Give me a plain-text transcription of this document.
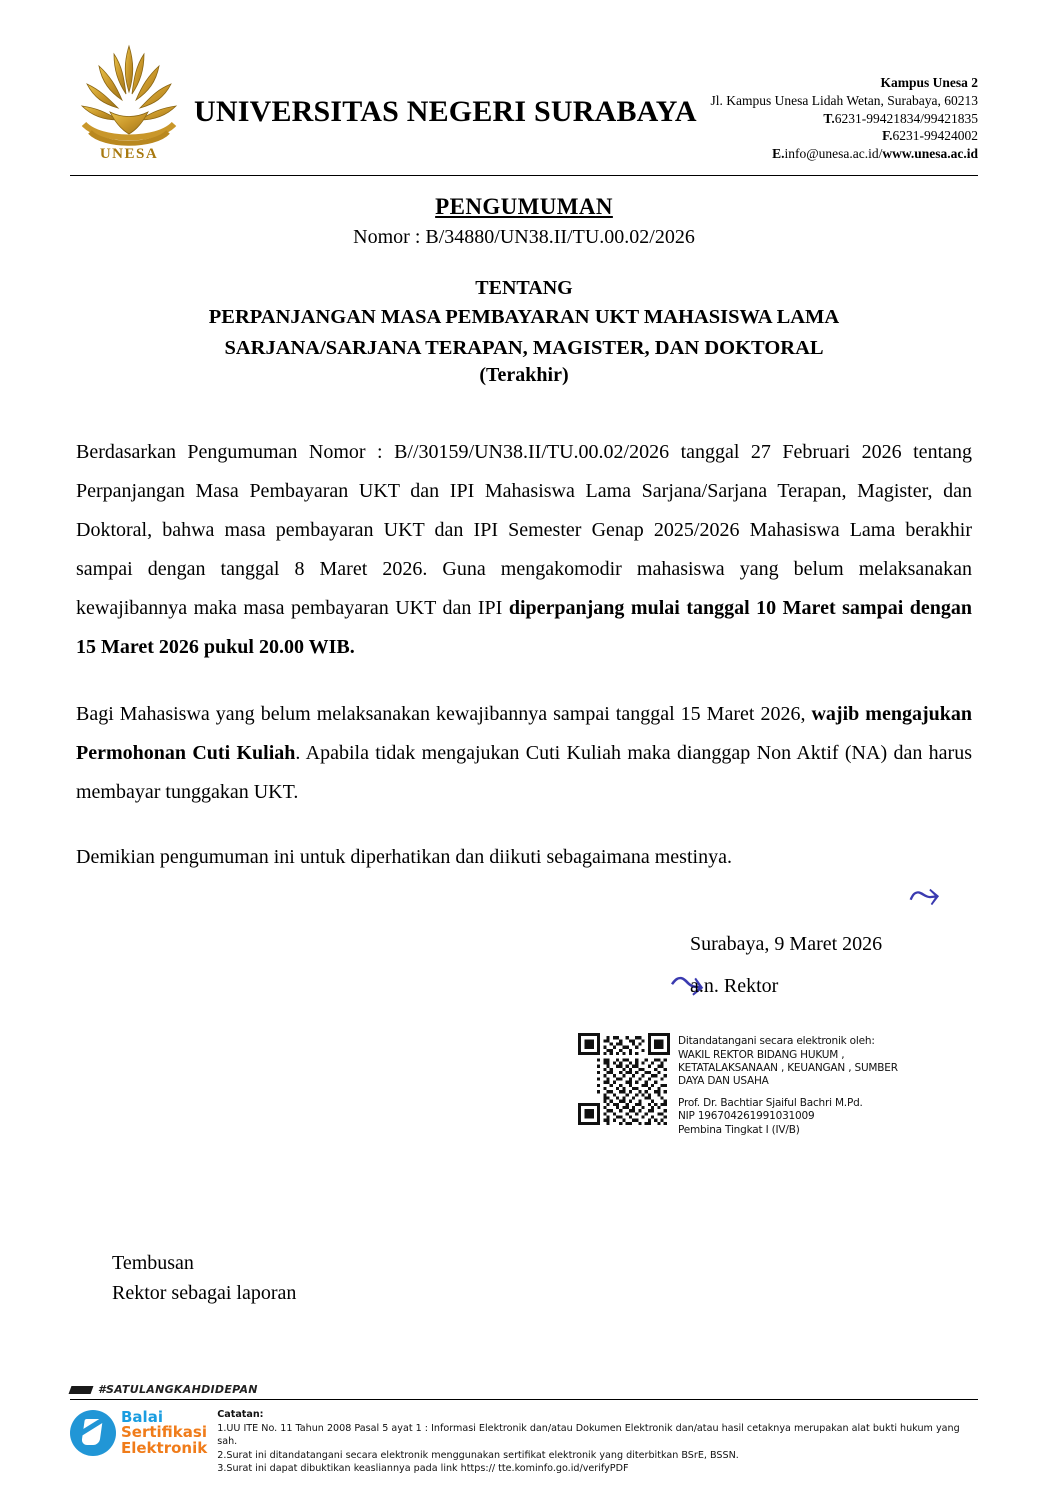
UNESA
UNIVERSITAS NEGERI SURABAYA
Kampus Unesa 2
Jl. Kampus Unesa Lidah Wetan, Surabaya, 60213
T.6231-99421834/99421835
F.6231-99424002
E.info@unesa.ac.id/www.unesa.ac.id
PENGUMUMAN
Nomor : B/34880/UN38.II/TU.00.02/2026
TENTANG
PERPANJANGAN MASA PEMBAYARAN UKT MAHASISWA LAMA
SARJANA/SARJANA TERAPAN, MAGISTER, DAN DOKTORAL
(Terakhir)

Berdasarkan Pengumuman Nomor : B//30159/UN38.II/TU.00.02/2026 tanggal 27 Februari 2026 tentang Perpanjangan Masa Pembayaran UKT dan IPI Mahasiswa Lama Sarjana/Sarjana Terapan, Magister, dan Doktoral, bahwa masa pembayaran UKT dan IPI Semester Genap 2025/2026 Mahasiswa Lama berakhir sampai dengan tanggal 8 Maret 2026. Guna mengakomodir mahasiswa yang belum melaksanakan kewajibannya maka masa pembayaran UKT dan IPI diperpanjang mulai tanggal 10 Maret sampai dengan 15 Maret 2026 pukul 20.00 WIB.

Bagi Mahasiswa yang belum melaksanakan kewajibannya sampai tanggal 15 Maret 2026, wajib mengajukan Permohonan Cuti Kuliah. Apabila tidak mengajukan Cuti Kuliah maka dianggap Non Aktif (NA) dan harus membayar tunggakan UKT.

Demikian pengumuman ini untuk diperhatikan dan diikuti sebagaimana mestinya.

⤳
⤳
Surabaya, 9 Maret 2026
a.n. Rektor
Ditandatangani secara elektronik oleh:
WAKIL REKTOR BIDANG HUKUM ,
KETATALAKSANAAN , KEUANGAN , SUMBER
DAYA DAN USAHA
Prof. Dr. Bachtiar Sjaiful Bachri M.Pd.
NIP 196704261991031009
Pembina Tingkat I (IV/B)
Tembusan
Rektor sebagai laporan
#SATULANGKAHDIDEPAN
Balai
Sertifikasi
Elektronik
Catatan:
1.UU ITE No. 11 Tahun 2008 Pasal 5 ayat 1 : Informasi Elektronik dan/atau Dokumen Elektronik dan/atau hasil cetaknya merupakan alat bukti hukum yang sah.
2.Surat ini ditandatangani secara elektronik menggunakan sertifikat elektronik yang diterbitkan BSrE, BSSN.
3.Surat ini dapat dibuktikan keasliannya pada link https:// tte.kominfo.go.id/verifyPDF
